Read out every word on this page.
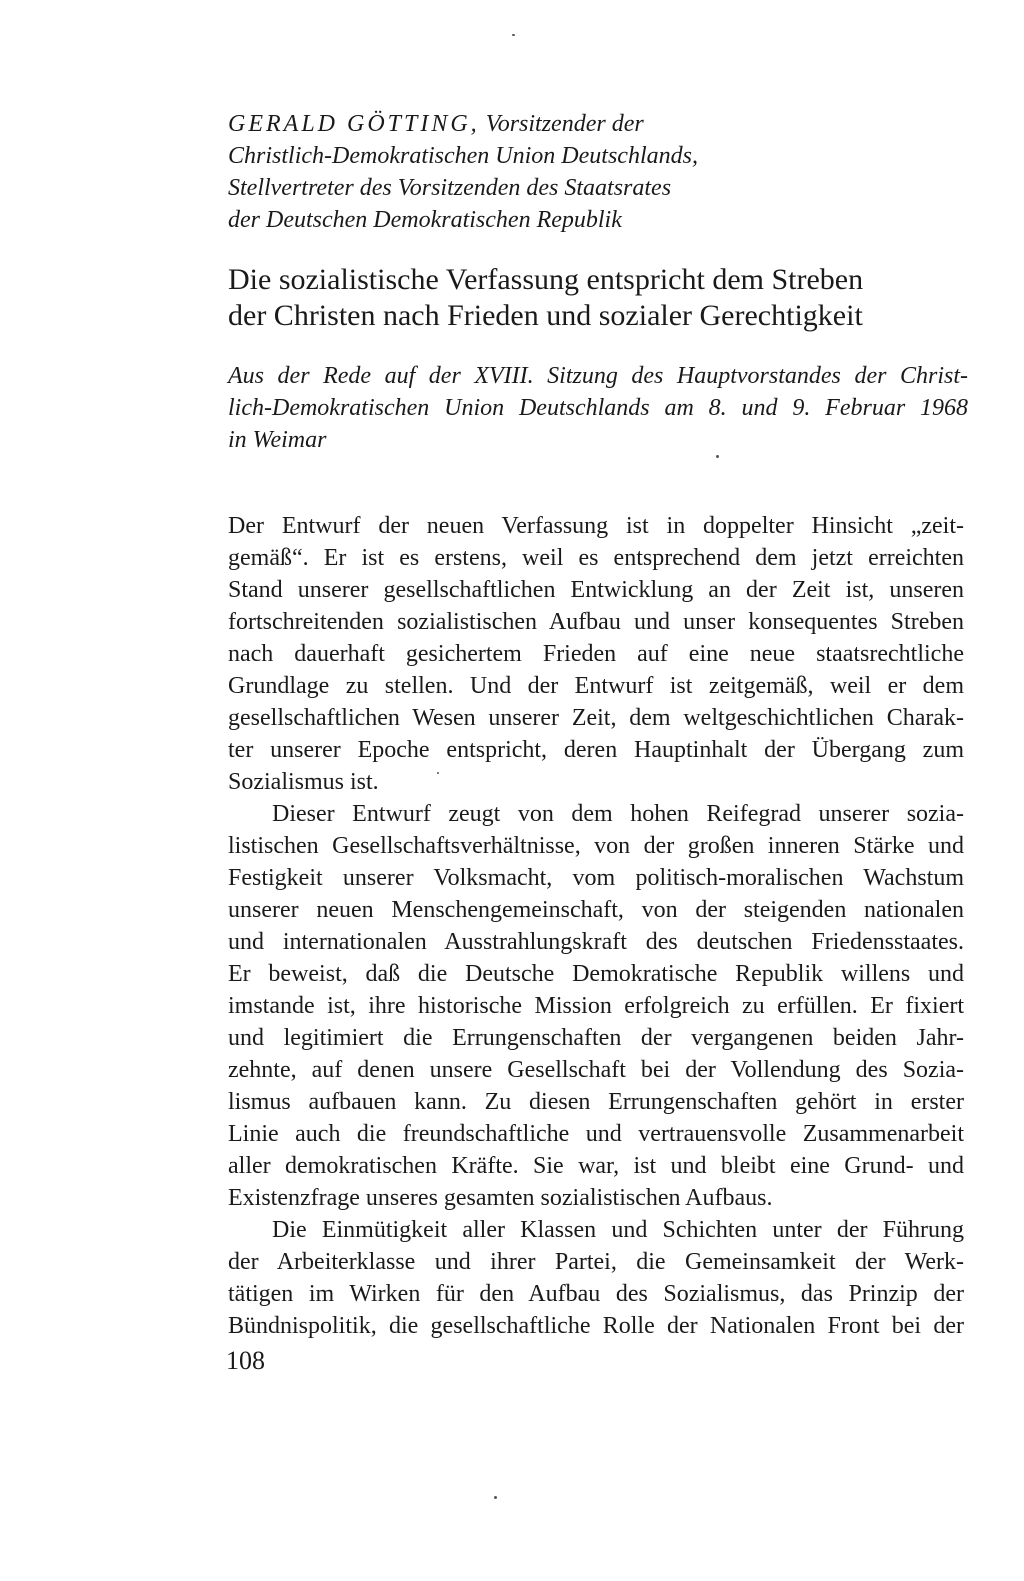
GERALD GÖTTING, Vorsitzender der
Christlich-Demokratischen Union Deutschlands,
Stellvertreter des Vorsitzenden des Staatsrates
der Deutschen Demokratischen Republik
Die sozialistische Verfassung entspricht dem Streben
der Christen nach Frieden und sozialer Gerechtigkeit
Aus der Rede auf der XVIII. Sitzung des Hauptvorstandes der Christ-
lich-Demokratischen Union Deutschlands am 8. und 9. Februar 1968
in Weimar
Der Entwurf der neuen Verfassung ist in doppelter Hinsicht „zeit-
gemäß“. Er ist es erstens, weil es entsprechend dem jetzt erreichten
Stand unserer gesellschaftlichen Entwicklung an der Zeit ist, unseren
fortschreitenden sozialistischen Aufbau und unser konsequentes Streben
nach dauerhaft gesichertem Frieden auf eine neue staatsrechtliche
Grundlage zu stellen. Und der Entwurf ist zeitgemäß, weil er dem
gesellschaftlichen Wesen unserer Zeit, dem weltgeschichtlichen Charak-
ter unserer Epoche entspricht, deren Hauptinhalt der Übergang zum
Sozialismus ist.
Dieser Entwurf zeugt von dem hohen Reifegrad unserer sozia-
listischen Gesellschaftsverhältnisse, von der großen inneren Stärke und
Festigkeit unserer Volksmacht, vom politisch-moralischen Wachstum
unserer neuen Menschengemeinschaft, von der steigenden nationalen
und internationalen Ausstrahlungskraft des deutschen Friedensstaates.
Er beweist, daß die Deutsche Demokratische Republik willens und
imstande ist, ihre historische Mission erfolgreich zu erfüllen. Er fixiert
und legitimiert die Errungenschaften der vergangenen beiden Jahr-
zehnte, auf denen unsere Gesellschaft bei der Vollendung des Sozia-
lismus aufbauen kann. Zu diesen Errungenschaften gehört in erster
Linie auch die freundschaftliche und vertrauensvolle Zusammenarbeit
aller demokratischen Kräfte. Sie war, ist und bleibt eine Grund- und
Existenzfrage unseres gesamten sozialistischen Aufbaus.
Die Einmütigkeit aller Klassen und Schichten unter der Führung
der Arbeiterklasse und ihrer Partei, die Gemeinsamkeit der Werk-
tätigen im Wirken für den Aufbau des Sozialismus, das Prinzip der
Bündnispolitik, die gesellschaftliche Rolle der Nationalen Front bei der
108
